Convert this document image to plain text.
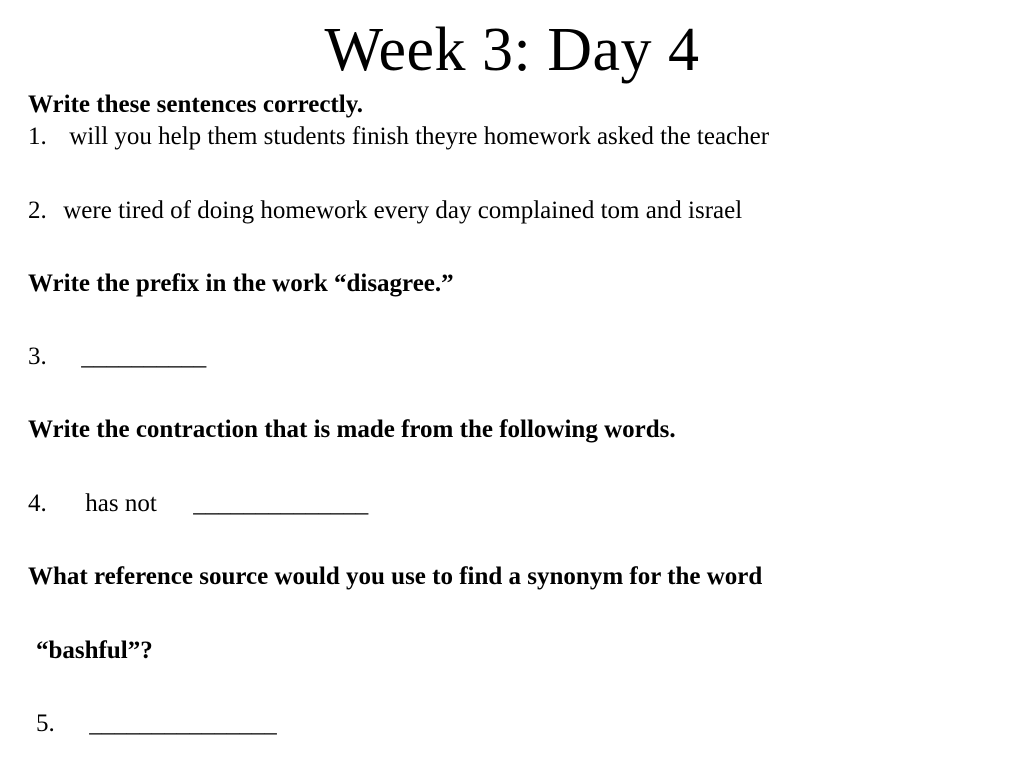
Week 3: Day 4
Write these sentences correctly.
1. will you help them students finish theyre homework asked the teacher
2. were tired of doing homework every day complained tom and israel
Write the prefix in the work “disagree.”
3. __________
Write the contraction that is made from the following words.
4. has not ______________
What reference source would you use to find a synonym for the word
“bashful”?
5. _______________
